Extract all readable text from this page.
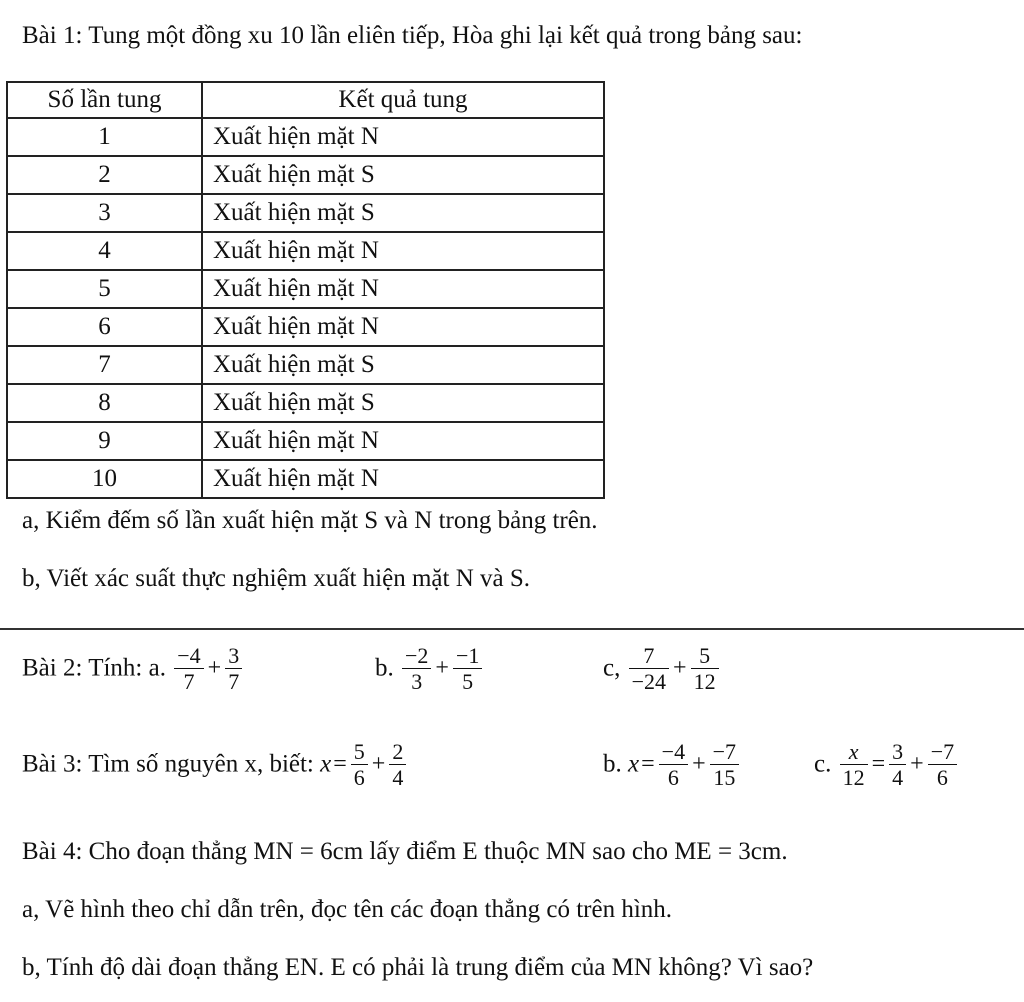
Bài 1: Tung một đồng xu 10 lần eliên tiếp, Hòa ghi lại kết quả trong bảng sau:
Số lần tung	Kết quả tung
1	Xuất hiện mặt N
2	Xuất hiện mặt S
3	Xuất hiện mặt S
4	Xuất hiện mặt N
5	Xuất hiện mặt N
6	Xuất hiện mặt N
7	Xuất hiện mặt S
8	Xuất hiện mặt S
9	Xuất hiện mặt N
10	Xuất hiện mặt N
a, Kiểm đếm số lần xuất hiện mặt S và N trong bảng trên.
b, Viết xác suất thực nghiệm xuất hiện mặt N và S.
Bài 2: Tính: a. $\frac{-4}{7} + \frac{3}{7}$	b. $\frac{-2}{3} + \frac{-1}{5}$	c, $\frac{7}{-24} + \frac{5}{12}$
Bài 3: Tìm số nguyên x, biết: $x= \frac{5}{6} + \frac{2}{4}$	b. $x= \frac{-4}{6} + \frac{-7}{15}$	c. $\frac{x}{12} = \frac{3}{4} + \frac{-7}{6}$
Bài 4: Cho đoạn thẳng MN = 6cm lấy điểm E thuộc MN sao cho ME = 3cm.
a, Vẽ hình theo chỉ dẫn trên, đọc tên các đoạn thẳng có trên hình.
b, Tính độ dài đoạn thẳng EN. E có phải là trung điểm của MN không? Vì sao?
